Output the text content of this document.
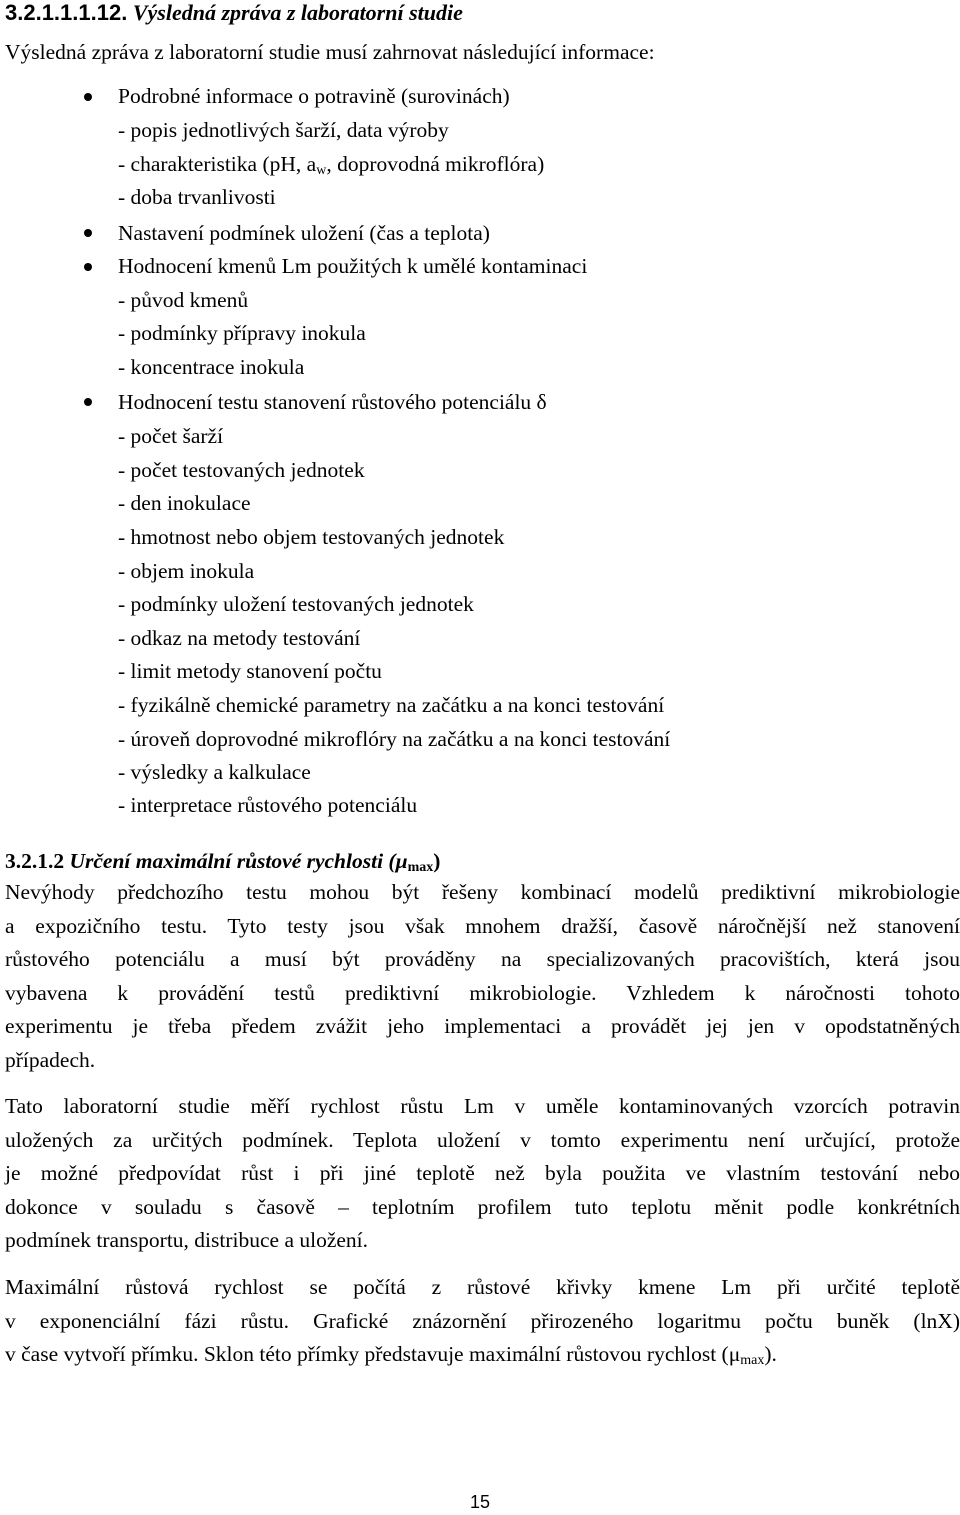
3.2.1.1.1.12. Výsledná zpráva z laboratorní studie
Výsledná zpráva z laboratorní studie musí zahrnovat následující informace:
Podrobné informace o potravině (surovinách)
- popis jednotlivých šarží, data výroby
- charakteristika (pH, $a_w$, doprovodná mikroflóra)
- doba trvanlivosti
Nastavení podmínek uložení (čas a teplota)
Hodnocení kmenů Lm použitých k umělé kontaminaci
- původ kmenů
- podmínky přípravy inokula
- koncentrace inokula
Hodnocení testu stanovení růstového potenciálu δ
- počet šarží
- počet testovaných jednotek
- den inokulace
- hmotnost nebo objem testovaných jednotek
- objem inokula
- podmínky uložení testovaných jednotek
- odkaz na metody testování
- limit metody stanovení počtu
- fyzikálně chemické parametry na začátku a na konci testování
- úroveň doprovodné mikroflóry na začátku a na konci testování
- výsledky a kalkulace
- interpretace růstového potenciálu
3.2.1.2 Určení maximální růstové rychlosti $(\mu_{max})$
Nevýhody předchozího testu mohou být řešeny kombinací modelů prediktivní mikrobiologie
a expozičního testu. Tyto testy jsou však mnohem dražší, časově náročnější než stanovení
růstového potenciálu a musí být prováděny na specializovaných pracovištích, která jsou
vybavena k provádění testů prediktivní mikrobiologie. Vzhledem k náročnosti tohoto
experimentu je třeba předem zvážit jeho implementaci a provádět jej jen v opodstatněných
případech.
Tato laboratorní studie měří rychlost růstu Lm v uměle kontaminovaných vzorcích potravin
uložených za určitých podmínek. Teplota uložení v tomto experimentu není určující, protože
je možné předpovídat růst i při jiné teplotě než byla použita ve vlastním testování nebo
dokonce v souladu s časově – teplotním profilem tuto teplotu měnit podle konkrétních
podmínek transportu, distribuce a uložení.
Maximální růstová rychlost se počítá z růstové křivky kmene Lm při určité teplotě
v exponenciální fázi růstu. Grafické znázornění přirozeného logaritmu počtu buněk (lnX)
v čase vytvoří přímku. Sklon této přímky představuje maximální růstovou rychlost $(\mu_{max})$.
15
